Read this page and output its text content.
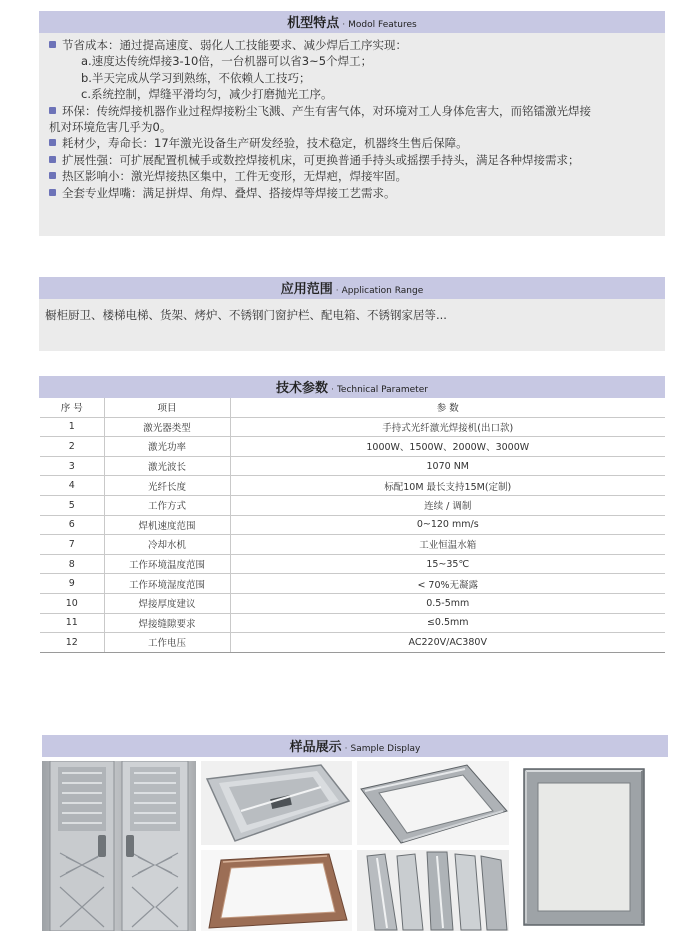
机型特点 · Modol Features
节省成本：通过提高速度、弱化人工技能要求、减少焊后工序实现：
a.速度达传统焊接3-10倍，一台机器可以省3~5个焊工；
b.半天完成从学习到熟练，不依赖人工技巧；
c.系统控制，焊缝平滑均匀，减少打磨抛光工序。
环保：传统焊接机器作业过程焊接粉尘飞溅、产生有害气体，对环境对工人身体危害大，而铭镭激光焊接
机对环境危害几乎为0。
耗材少，寿命长：17年激光设备生产研发经验，技术稳定，机器终生售后保障。
扩展性强：可扩展配置机械手或数控焊接机床，可更换普通手持头或摇摆手持头，满足各种焊接需求；
热区影响小：激光焊接热区集中，工件无变形，无焊疤，焊接牢固。
全套专业焊嘴：满足拼焊、角焊、叠焊、搭接焊等焊接工艺需求。
应用范围 · Application Range
橱柜厨卫、楼梯电梯、货架、烤炉、不锈钢门窗护栏、配电箱、不锈钢家居等...
技术参数 · Technical Parameter
序 号	项目	参 数
1	激光器类型	手持式光纤激光焊接机(出口款)
2	激光功率	1000W、1500W、2000W、3000W
3	激光波长	1070 NM
4	光纤长度	标配10M 最长支持15M(定制)
5	工作方式	连续 / 调制
6	焊机速度范围	0~120 mm/s
7	冷却水机	工业恒温水箱
8	工作环境温度范围	15~35℃
9	工作环境湿度范围	< 70%无凝露
10	焊接厚度建议	0.5-5mm
11	焊接缝隙要求	≤0.5mm
12	工作电压	AC220V/AC380V
样品展示 · Sample Display
